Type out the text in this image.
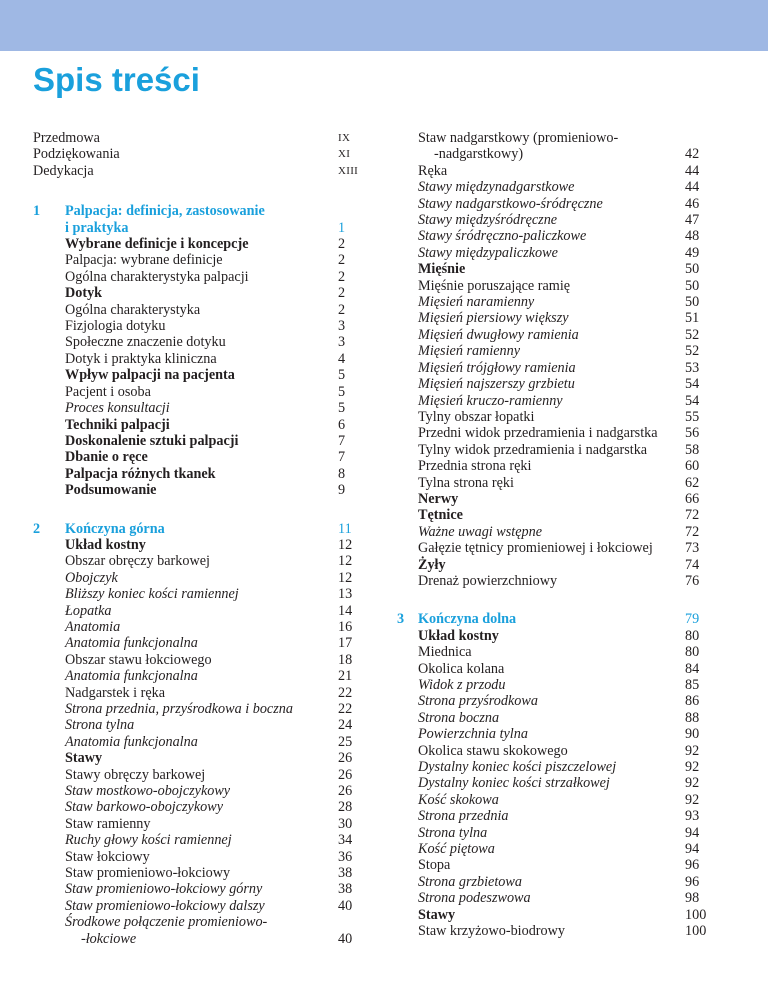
Spis treści
Przedmowa	IX
Podziękowania	XI
Dedykacja	XIII
1 Palpacja: definicja, zastosowanie
i praktyka	1
Wybrane definicje i koncepcje	2
Palpacja: wybrane definicje	2
Ogólna charakterystyka palpacji	2
Dotyk	2
Ogólna charakterystyka	2
Fizjologia dotyku	3
Społeczne znaczenie dotyku	3
Dotyk i praktyka kliniczna	4
Wpływ palpacji na pacjenta	5
Pacjent i osoba	5
Proces konsultacji	5
Techniki palpacji	6
Doskonalenie sztuki palpacji	7
Dbanie o ręce	7
Palpacja różnych tkanek	8
Podsumowanie	9
2 Kończyna górna	11
Układ kostny	12
Obszar obręczy barkowej	12
Obojczyk	12
Bliższy koniec kości ramiennej	13
Łopatka	14
Anatomia	16
Anatomia funkcjonalna	17
Obszar stawu łokciowego	18
Anatomia funkcjonalna	21
Nadgarstek i ręka	22
Strona przednia, przyśrodkowa i boczna	22
Strona tylna	24
Anatomia funkcjonalna	25
Stawy	26
Stawy obręczy barkowej	26
Staw mostkowo-obojczykowy	26
Staw barkowo-obojczykowy	28
Staw ramienny	30
Ruchy głowy kości ramiennej	34
Staw łokciowy	36
Staw promieniowo-łokciowy	38
Staw promieniowo-łokciowy górny	38
Staw promieniowo-łokciowy dalszy	40
Środkowe połączenie promieniowo-
-łokciowe	40
Staw nadgarstkowy (promieniowo-
-nadgarstkowy)	42
Ręka	44
Stawy międzynadgarstkowe	44
Stawy nadgarstkowo-śródręczne	46
Stawy międzyśródręczne	47
Stawy śródręczno-paliczkowe	48
Stawy międzypaliczkowe	49
Mięśnie	50
Mięśnie poruszające ramię	50
Mięsień naramienny	50
Mięsień piersiowy większy	51
Mięsień dwugłowy ramienia	52
Mięsień ramienny	52
Mięsień trójgłowy ramienia	53
Mięsień najszerszy grzbietu	54
Mięsień kruczo-ramienny	54
Tylny obszar łopatki	55
Przedni widok przedramienia i nadgarstka	56
Tylny widok przedramienia i nadgarstka	58
Przednia strona ręki	60
Tylna strona ręki	62
Nerwy	66
Tętnice	72
Ważne uwagi wstępne	72
Gałęzie tętnicy promieniowej i łokciowej	73
Żyły	74
Drenaż powierzchniowy	76
3 Kończyna dolna	79
Układ kostny	80
Miednica	80
Okolica kolana	84
Widok z przodu	85
Strona przyśrodkowa	86
Strona boczna	88
Powierzchnia tylna	90
Okolica stawu skokowego	92
Dystalny koniec kości piszczelowej	92
Dystalny koniec kości strzałkowej	92
Kość skokowa	92
Strona przednia	93
Strona tylna	94
Kość piętowa	94
Stopa	96
Strona grzbietowa	96
Strona podeszwowa	98
Stawy	100
Staw krzyżowo-biodrowy	100
